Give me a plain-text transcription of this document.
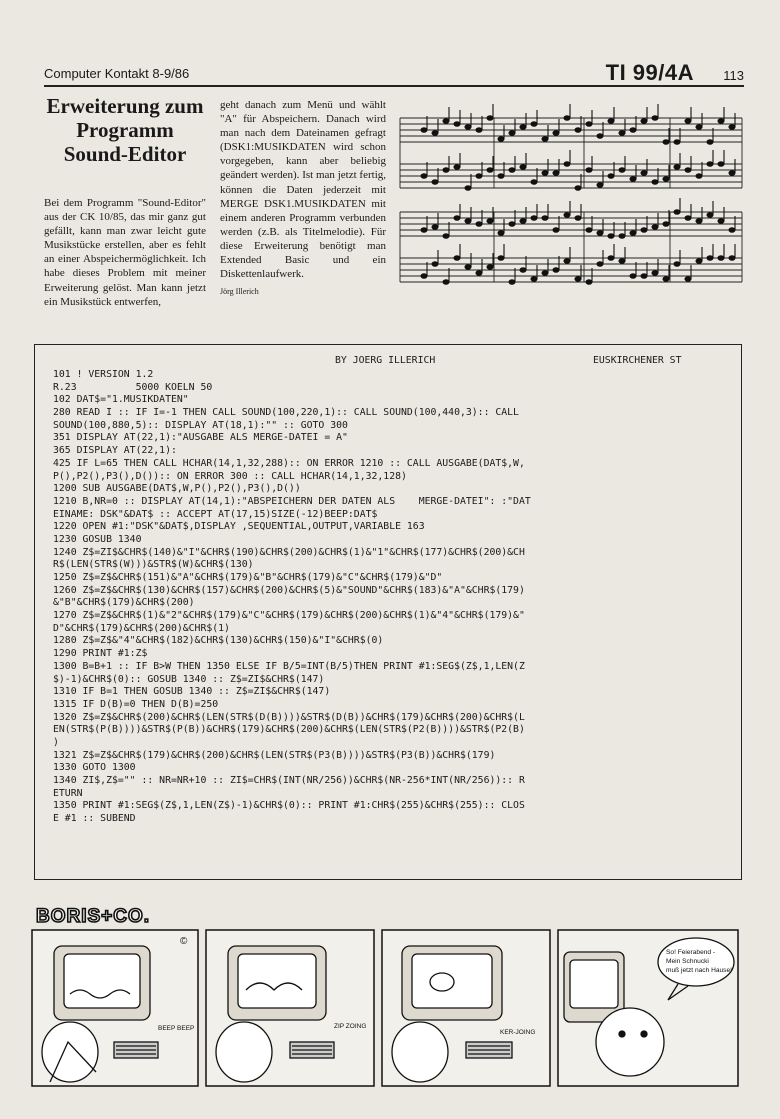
Computer Kontakt 8-9/86	TI 99/4A 113
Erweiterung zum Programm Sound-Editor
Bei dem Programm "Sound-Editor" aus der CK 10/85, das mir ganz gut gefällt, kann man zwar leicht gute Musikstücke erstellen, aber es fehlt an einer Abspeichermöglichkeit. Ich habe dieses Problem mit meiner Erweiterung gelöst. Man kann jetzt ein Musikstück entwerfen,
geht danach zum Menü und wählt "A" für Abspeichern. Danach wird man nach dem Dateinamen gefragt (DSK1:MUSIKDATEN wird schon vorgegeben, kann aber beliebig geändert werden). Ist man jetzt fertig, können die Daten jederzeit mit MERGE DSK1.MUSIKDATEN mit einem anderen Programm verbunden werden (z.B. als Titelmelodie). Für diese Erweiterung benötigt man Extended Basic und ein Diskettenlaufwerk.
Jörg Illerich
BY JOERG ILLERICH	EUSKIRCHENER ST
101 ! VERSION 1.2
R.23          5000 KOELN 50
102 DAT$="1.MUSIKDATEN"
280 READ I :: IF I=-1 THEN CALL SOUND(100,220,1):: CALL SOUND(100,440,3):: CALL
SOUND(100,880,5):: DISPLAY AT(18,1):"" :: GOTO 300
351 DISPLAY AT(22,1):"AUSGABE ALS MERGE-DATEI = A"
365 DISPLAY AT(22,1):
425 IF L=65 THEN CALL HCHAR(14,1,32,288):: ON ERROR 1210 :: CALL AUSGABE(DAT$,W,
P(),P2(),P3(),D()):: ON ERROR 300 :: CALL HCHAR(14,1,32,128)
1200 SUB AUSGABE(DAT$,W,P(),P2(),P3(),D())
1210 B,NR=0 :: DISPLAY AT(14,1):"ABSPEICHERN DER DATEN ALS    MERGE-DATEI": :"DAT
EINAME: DSK"&DAT$ :: ACCEPT AT(17,15)SIZE(-12)BEEP:DAT$
1220 OPEN #1:"DSK"&DAT$,DISPLAY ,SEQUENTIAL,OUTPUT,VARIABLE 163
1230 GOSUB 1340
1240 Z$=ZI$&CHR$(140)&"I"&CHR$(190)&CHR$(200)&CHR$(1)&"1"&CHR$(177)&CHR$(200)&CH
R$(LEN(STR$(W)))&STR$(W)&CHR$(130)
1250 Z$=Z$&CHR$(151)&"A"&CHR$(179)&"B"&CHR$(179)&"C"&CHR$(179)&"D"
1260 Z$=Z$&CHR$(130)&CHR$(157)&CHR$(200)&CHR$(5)&"SOUND"&CHR$(183)&"A"&CHR$(179)
&"B"&CHR$(179)&CHR$(200)
1270 Z$=Z$&CHR$(1)&"2"&CHR$(179)&"C"&CHR$(179)&CHR$(200)&CHR$(1)&"4"&CHR$(179)&"
D"&CHR$(179)&CHR$(200)&CHR$(1)
1280 Z$=Z$&"4"&CHR$(182)&CHR$(130)&CHR$(150)&"I"&CHR$(0)
1290 PRINT #1:Z$
1300 B=B+1 :: IF B>W THEN 1350 ELSE IF B/5=INT(B/5)THEN PRINT #1:SEG$(Z$,1,LEN(Z
$)-1)&CHR$(0):: GOSUB 1340 :: Z$=ZI$&CHR$(147)
1310 IF B=1 THEN GOSUB 1340 :: Z$=ZI$&CHR$(147)
1315 IF D(B)=0 THEN D(B)=250
1320 Z$=Z$&CHR$(200)&CHR$(LEN(STR$(D(B))))&STR$(D(B))&CHR$(179)&CHR$(200)&CHR$(L
EN(STR$(P(B))))&STR$(P(B))&CHR$(179)&CHR$(200)&CHR$(LEN(STR$(P2(B))))&STR$(P2(B)
)
1321 Z$=Z$&CHR$(179)&CHR$(200)&CHR$(LEN(STR$(P3(B))))&STR$(P3(B))&CHR$(179)
1330 GOTO 1300
1340 ZI$,Z$="" :: NR=NR+10 :: ZI$=CHR$(INT(NR/256))&CHR$(NR-256*INT(NR/256)):: R
ETURN
1350 PRINT #1:SEG$(Z$,1,LEN(Z$)-1)&CHR$(0):: PRINT #1:CHR$(255)&CHR$(255):: CLOS
E #1 :: SUBEND
BORIS+CO.
©
BEEP BEEP	ZIP ZOING
KER-JOING
So! Feierabend - Mein Schnucki muß jetzt nach Hause!
